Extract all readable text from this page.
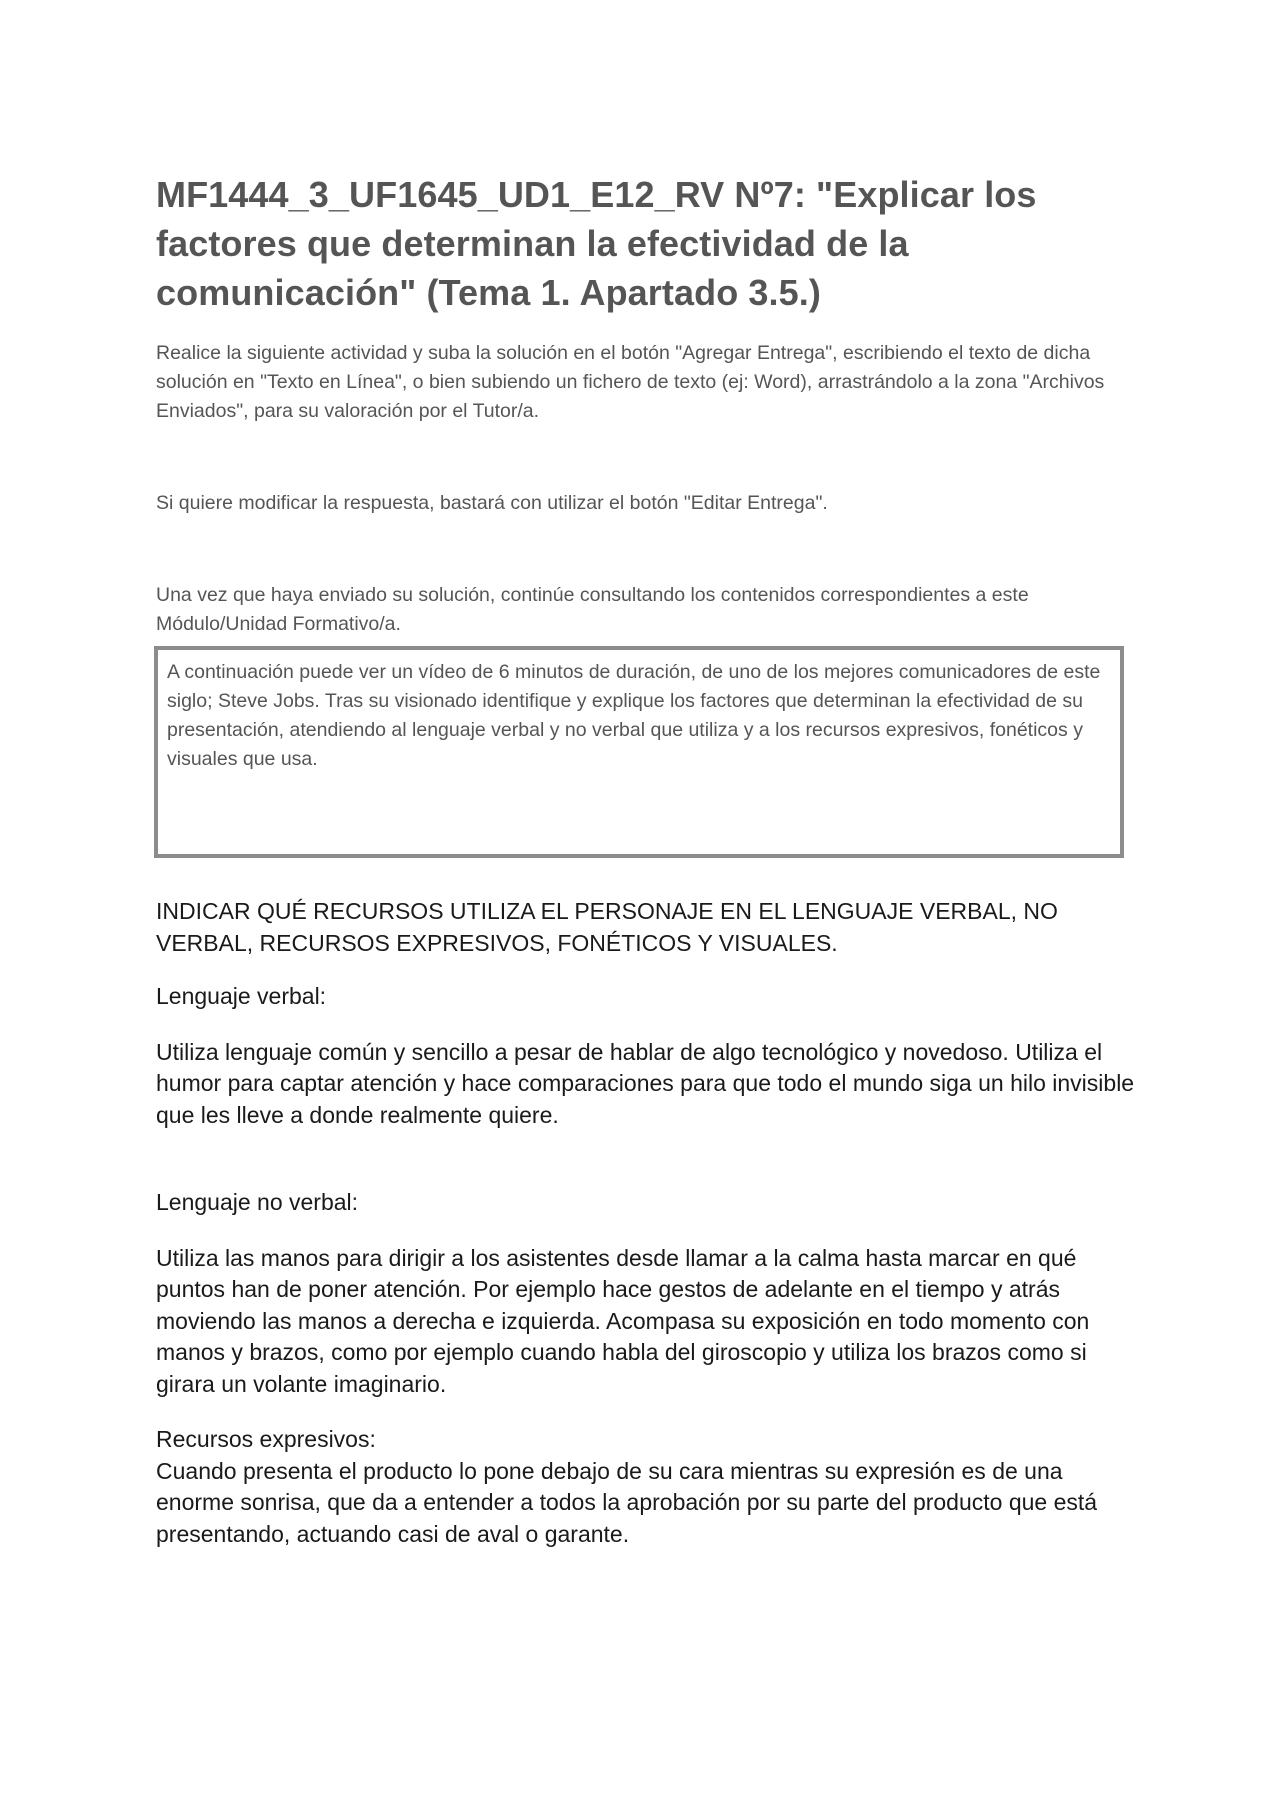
MF1444_3_UF1645_UD1_E12_RV Nº7: "Explicar los factores que determinan la efectividad de la comunicación" (Tema 1. Apartado 3.5.)

Realice la siguiente actividad y suba la solución en el botón "Agregar Entrega", escribiendo el texto de dicha solución en "Texto en Línea", o bien subiendo un fichero de texto (ej: Word), arrastrándolo a la zona "Archivos Enviados", para su valoración por el Tutor/a.

Si quiere modificar la respuesta, bastará con utilizar el botón "Editar Entrega".

Una vez que haya enviado su solución, continúe consultando los contenidos correspondientes a este Módulo/Unidad Formativo/a.

A continuación puede ver un vídeo de 6 minutos de duración, de uno de los mejores comunicadores de este siglo; Steve Jobs. Tras su visionado identifique y explique los factores que determinan la efectividad de su presentación, atendiendo al lenguaje verbal y no verbal que utiliza y a los recursos expresivos, fonéticos y visuales que usa.

INDICAR QUÉ RECURSOS UTILIZA EL PERSONAJE EN EL LENGUAJE VERBAL, NO VERBAL, RECURSOS EXPRESIVOS, FONÉTICOS Y VISUALES.

Lenguaje verbal:

Utiliza lenguaje común y sencillo a pesar de hablar de algo tecnológico y novedoso. Utiliza el humor para captar atención y hace comparaciones para que todo el mundo siga un hilo invisible que les lleve a donde realmente quiere.

Lenguaje no verbal:

Utiliza las manos para dirigir a los asistentes desde llamar a la calma hasta marcar en qué puntos han de poner atención. Por ejemplo hace gestos de adelante en el tiempo y atrás moviendo las manos a derecha e izquierda. Acompasa su exposición en todo momento con manos y brazos, como por ejemplo cuando habla del giroscopio y utiliza los brazos como si girara un volante imaginario.

Recursos expresivos:

Cuando presenta el producto lo pone debajo de su cara mientras su expresión es de una enorme sonrisa, que da a entender a todos la aprobación por su parte del producto que está presentando, actuando casi de aval o garante.
